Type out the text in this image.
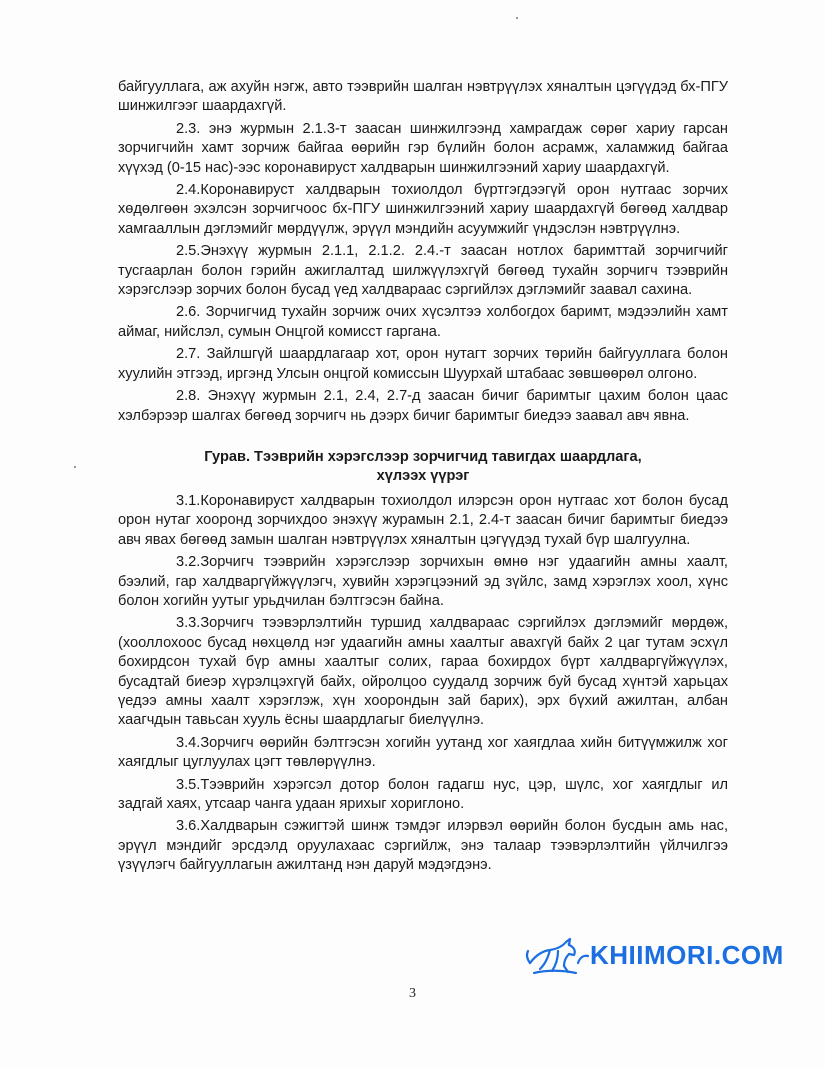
байгууллага, аж ахуйн нэгж, авто тээврийн шалган нэвтрүүлэх хяналтын цэгүүдэд бх-ПГУ шинжилгээг шаардахгүй.

2.3. энэ журмын 2.1.3-т заасан шинжилгээнд хамрагдаж сөрөг хариу гарсан зорчигчийн хамт зорчиж байгаа өөрийн гэр бүлийн болон асрамж, халамжид байгаа хүүхэд (0-15 нас)-ээс коронавируст халдварын шинжилгээний хариу шаардахгүй.

2.4.Коронавируст халдварын тохиолдол бүртгэгдээгүй орон нутгаас зорчих хөдөлгөөн эхэлсэн зорчигчоос бх-ПГУ шинжилгээний хариу шаардахгүй бөгөөд халдвар хамгааллын дэглэмийг мөрдүүлж, эрүүл мэндийн асуумжийг үндэслэн нэвтрүүлнэ.

2.5.Энэхүү журмын 2.1.1, 2.1.2. 2.4.-т заасан нотлох баримттай зорчигчийг тусгаарлан болон гэрийн ажиглалтад шилжүүлэхгүй бөгөөд тухайн зорчигч тээврийн хэрэгслээр зорчих болон бусад үед халдвараас сэргийлэх дэглэмийг заавал сахина.

2.6. Зорчигчид тухайн зорчиж очих хүсэлтээ холбогдох баримт, мэдээлийн хамт аймаг, нийслэл, сумын Онцгой комисст гаргана.

2.7. Зайлшгүй шаардлагаар хот, орон нутагт зорчих төрийн байгууллага болон хуулийн этгээд, иргэнд Улсын онцгой комиссын Шуурхай штабаас зөвшөөрөл олгоно.

2.8. Энэхүү журмын 2.1, 2.4, 2.7-д заасан бичиг баримтыг цахим болон цаас хэлбэрээр шалгах бөгөөд зорчигч нь дээрх бичиг баримтыг биедээ заавал авч явна.

Гурав. Тээврийн хэрэгслээр зорчигчид тавигдах шаардлага,
хүлээх үүрэг

3.1.Коронавируст халдварын тохиолдол илэрсэн орон нутгаас хот болон бусад орон нутаг хооронд зорчихдоо энэхүү журамын 2.1, 2.4-т заасан бичиг баримтыг биедээ авч явах бөгөөд замын шалган нэвтрүүлэх хяналтын цэгүүдэд тухай бүр шалгуулна.

3.2.Зорчигч тээврийн хэрэгслээр зорчихын өмнө нэг удаагийн амны хаалт, бээлий, гар халдваргүйжүүлэгч, хувийн хэрэгцээний эд зүйлс, замд хэрэглэх хоол, хүнс болон хогийн уутыг урьдчилан бэлтгэсэн байна.

3.3.Зорчигч тээвэрлэлтийн туршид халдвараас сэргийлэх дэглэмийг мөрдөж, (хооллохоос бусад нөхцөлд нэг удаагийн амны хаалтыг авахгүй байх 2 цаг тутам эсхүл бохирдсон тухай бүр амны хаалтыг солих, гараа бохирдох бүрт халдваргүйжүүлэх, бусадтай биеэр хүрэлцэхгүй байх, ойролцоо суудалд зорчиж буй бусад хүнтэй харьцах үедээ амны хаалт хэрэглэж, хүн хоорондын зай барих), эрх бүхий ажилтан, албан хаагчдын тавьсан хууль ёсны шаардлагыг биелүүлнэ.

3.4.Зорчигч өөрийн бэлтгэсэн хогийн уутанд хог хаягдлаа хийн битүүмжилж хог хаягдлыг цуглуулах цэгт төвлөрүүлнэ.

3.5.Тээврийн хэрэгсэл дотор болон гадагш нус, цэр, шүлс, хог хаягдлыг ил задгай хаях, утсаар чанга удаан ярихыг хориглоно.

3.6.Халдварын сэжигтэй шинж тэмдэг илэрвэл өөрийн болон бусдын амь нас, эрүүл мэндийг эрсдэлд оруулахаас сэргийлж, энэ талаар тээвэрлэлтийн үйлчилгээ үзүүлэгч байгууллагын ажилтанд нэн даруй мэдэгдэнэ.

KHIIMORI.COM
3
